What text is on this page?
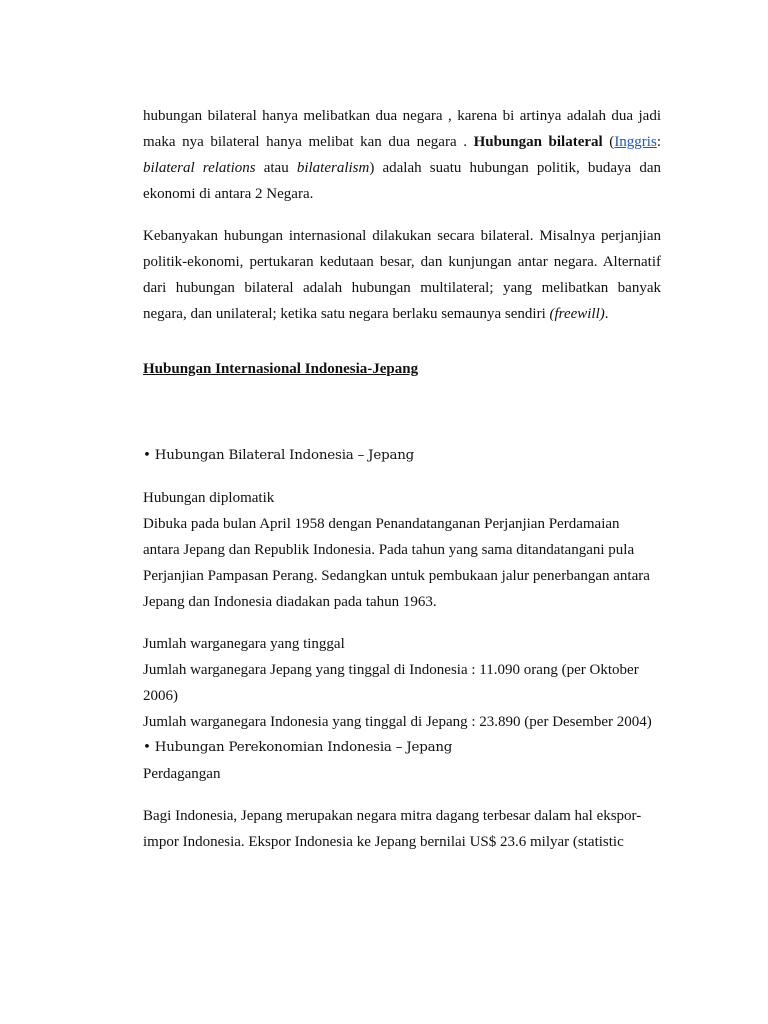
hubungan bilateral hanya melibatkan dua negara , karena bi artinya adalah dua jadi maka nya bilateral hanya melibat kan dua negara . Hubungan bilateral (Inggris: bilateral relations atau bilateralism) adalah suatu hubungan politik, budaya dan ekonomi di antara 2 Negara.

Kebanyakan hubungan internasional dilakukan secara bilateral. Misalnya perjanjian politik-ekonomi, pertukaran kedutaan besar, dan kunjungan antar negara. Alternatif dari hubungan bilateral adalah hubungan multilateral; yang melibatkan banyak negara, dan unilateral; ketika satu negara berlaku semaunya sendiri (freewill).

Hubungan Internasional Indonesia-Jepang

• Hubungan Bilateral Indonesia – Jepang

Hubungan diplomatik

Dibuka pada bulan April 1958 dengan Penandatanganan Perjanjian Perdamaian

antara Jepang dan Republik Indonesia. Pada tahun yang sama ditandatangani pula

Perjanjian Pampasan Perang. Sedangkan untuk pembukaan jalur penerbangan antara

Jepang dan Indonesia diadakan pada tahun 1963.

Jumlah warganegara yang tinggal

Jumlah warganegara Jepang yang tinggal di Indonesia : 11.090 orang (per Oktober

2006)

Jumlah warganegara Indonesia yang tinggal di Jepang : 23.890 (per Desember 2004)

• Hubungan Perekonomian Indonesia – Jepang

Perdagangan

Bagi Indonesia, Jepang merupakan negara mitra dagang terbesar dalam hal ekspor-

impor Indonesia. Ekspor Indonesia ke Jepang bernilai US$ 23.6 milyar (statistic
